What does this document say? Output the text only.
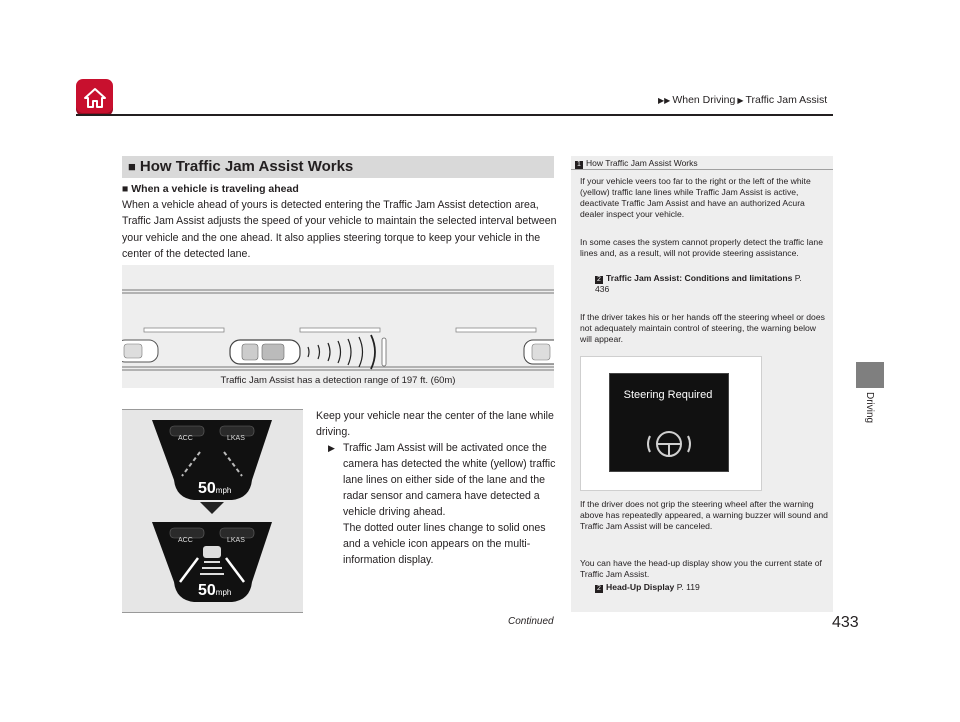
▶▶ When Driving ▶ Traffic Jam Assist
Driving
■ How Traffic Jam Assist Works
■ When a vehicle is traveling ahead
When a vehicle ahead of yours is detected entering the Traffic Jam Assist detection area, Traffic Jam Assist adjusts the speed of your vehicle to maintain the selected interval between your vehicle and the one ahead. It also applies steering torque to keep your vehicle in the center of the detected lane.
Traffic Jam Assist has a detection range of 197 ft. (60m)
ACC	LKAS
50mph
ACC	LKAS
50mph
Keep your vehicle near the center of the lane while driving.
▶ Traffic Jam Assist will be activated once the camera has detected the white (yellow) traffic lane lines on either side of the lane and the radar sensor and camera have detected a vehicle driving ahead.
The dotted outer lines change to solid ones and a vehicle icon appears on the multi-information display.
1 How Traffic Jam Assist Works
If your vehicle veers too far to the right or the left of the white (yellow) traffic lane lines while Traffic Jam Assist is active, deactivate Traffic Jam Assist and have an authorized Acura dealer inspect your vehicle.
In some cases the system cannot properly detect the traffic lane lines and, as a result, will not provide steering assistance.
2 Traffic Jam Assist: Conditions and limitations P. 436
If the driver takes his or her hands off the steering wheel or does not adequately maintain control of steering, the warning below will appear.
Steering Required
If the driver does not grip the steering wheel after the warning above has repeatedly appeared, a warning buzzer will sound and Traffic Jam Assist will be canceled.
You can have the head-up display show you the current state of Traffic Jam Assist.
2 Head-Up Display P. 119
Continued	433
